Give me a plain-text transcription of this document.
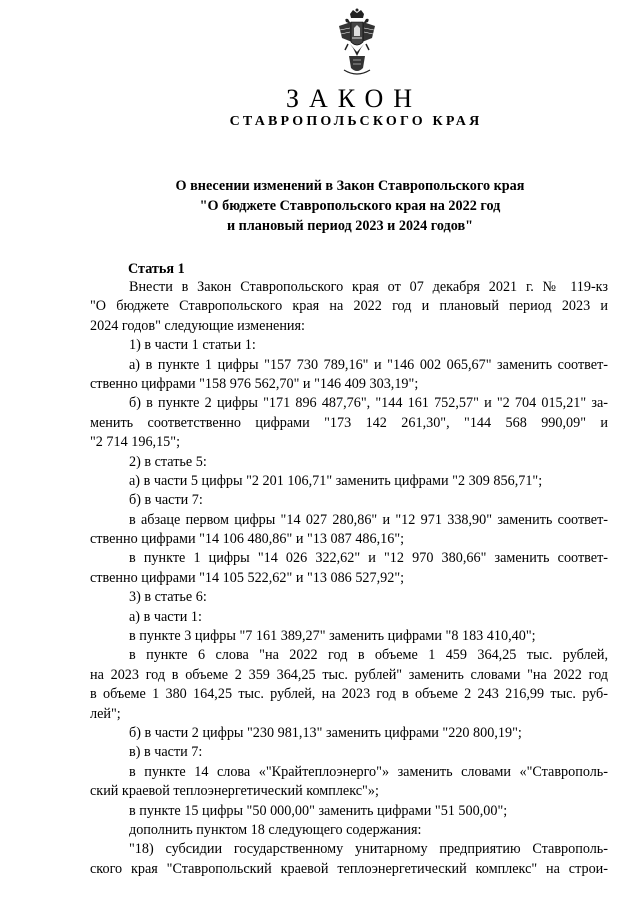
ЗАКОН
СТАВРОПОЛЬСКОГО КРАЯ
О внесении изменений в Закон Ставропольского края
"О бюджете Ставропольского края на 2022 год
и плановый период 2023 и 2024 годов"
Статья 1
Внести в Закон Ставропольского края от 07 декабря 2021 г. № 119-кз
"О бюджете Ставропольского края на 2022 год и плановый период 2023 и
2024 годов" следующие изменения:
1) в части 1 статьи 1:
а) в пункте 1 цифры "157 730 789,16" и "146 002 065,67" заменить соответ-
ственно цифрами "158 976 562,70" и "146 409 303,19";
б) в пункте 2 цифры "171 896 487,76", "144 161 752,57" и "2 704 015,21" за-
менить соответственно цифрами "173 142 261,30", "144 568 990,09" и
"2 714 196,15";
2) в статье 5:
а) в части 5 цифры "2 201 106,71" заменить цифрами "2 309 856,71";
б) в части 7:
в абзаце первом цифры "14 027 280,86" и "12 971 338,90" заменить соответ-
ственно цифрами "14 106 480,86" и "13 087 486,16";
в пункте 1 цифры "14 026 322,62" и "12 970 380,66" заменить соответ-
ственно цифрами "14 105 522,62" и "13 086 527,92";
3) в статье 6:
а) в части 1:
в пункте 3 цифры "7 161 389,27" заменить цифрами "8 183 410,40";
в пункте 6 слова "на 2022 год в объеме 1 459 364,25 тыс. рублей,
на 2023 год в объеме 2 359 364,25 тыс. рублей" заменить словами "на 2022 год
в объеме 1 380 164,25 тыс. рублей, на 2023 год в объеме 2 243 216,99 тыс. руб-
лей";
б) в части 2 цифры "230 981,13" заменить цифрами "220 800,19";
в) в части 7:
в пункте 14 слова «"Крайтеплоэнерго"» заменить словами «"Ставрополь-
ский краевой теплоэнергетический комплекс"»;
в пункте 15 цифры "50 000,00" заменить цифрами "51 500,00";
дополнить пунктом 18 следующего содержания:
"18) субсидии государственному унитарному предприятию Ставрополь-
ского края "Ставропольский краевой теплоэнергетический комплекс" на строи-
